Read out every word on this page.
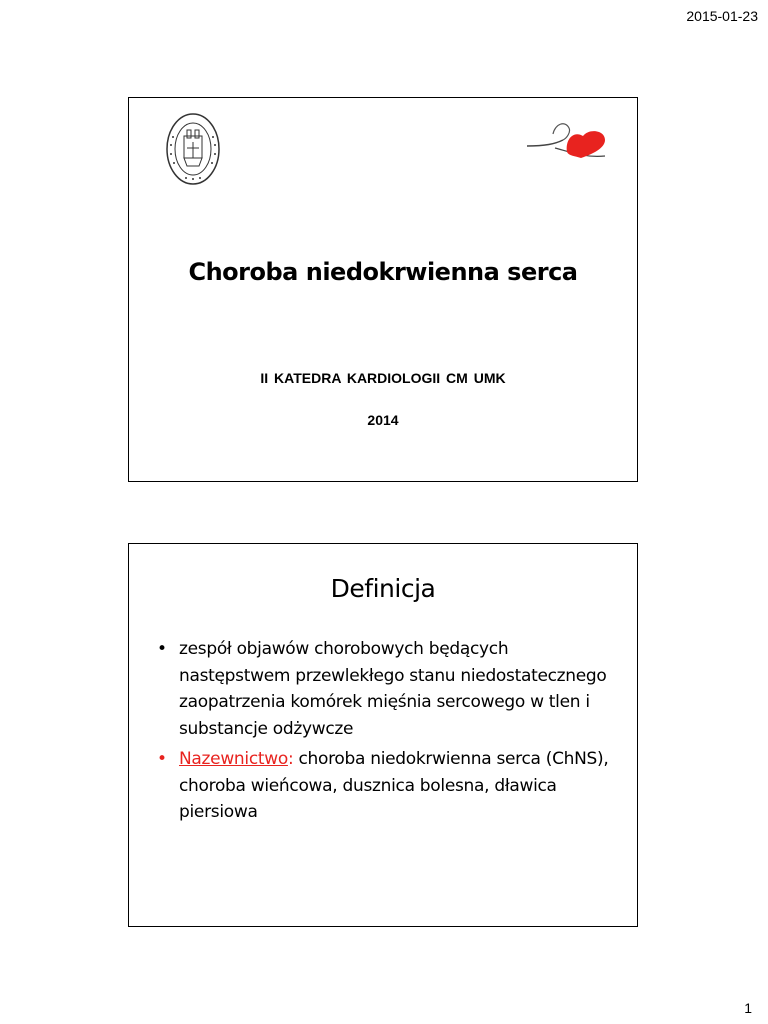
2015-01-23
Choroba niedokrwienna serca
II KATEDRA KARDIOLOGII CM UMK
2014
Definicja
• zespół objawów chorobowych będących następstwem przewlekłego stanu niedostatecznego zaopatrzenia komórek mięśnia sercowego w tlen i substancje odżywcze
• Nazewnictwo: choroba niedokrwienna serca (ChNS), choroba wieńcowa, dusznica bolesna, dławica piersiowa
1
